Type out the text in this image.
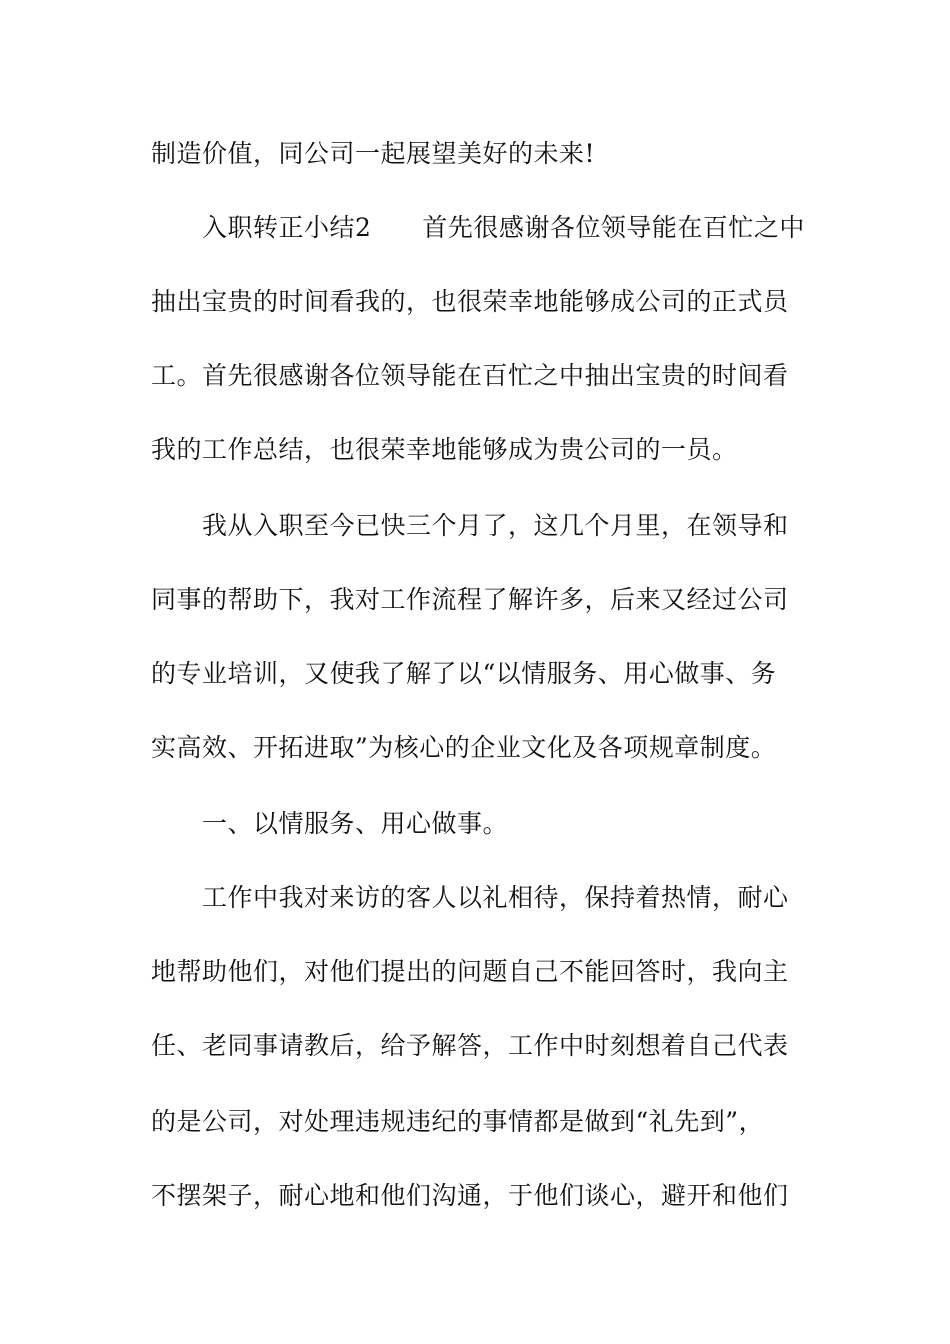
制造价值，同公司一起展望美好的未来!
入职转正小结2　　首先很感谢各位领导能在百忙之中
抽出宝贵的时间看我的，也很荣幸地能够成公司的正式员
工。首先很感谢各位领导能在百忙之中抽出宝贵的时间看
我的工作总结，也很荣幸地能够成为贵公司的一员。
我从入职至今已快三个月了，这几个月里，在领导和
同事的帮助下，我对工作流程了解许多，后来又经过公司
的专业培训，又使我了解了以“以情服务、用心做事、务
实高效、开拓进取”为核心的企业文化及各项规章制度。
一、以情服务、用心做事。
工作中我对来访的客人以礼相待，保持着热情，耐心
地帮助他们，对他们提出的问题自己不能回答时，我向主
任、老同事请教后，给予解答，工作中时刻想着自己代表
的是公司，对处理违规违纪的事情都是做到“礼先到”，
不摆架子，耐心地和他们沟通，于他们谈心，避开和他们
